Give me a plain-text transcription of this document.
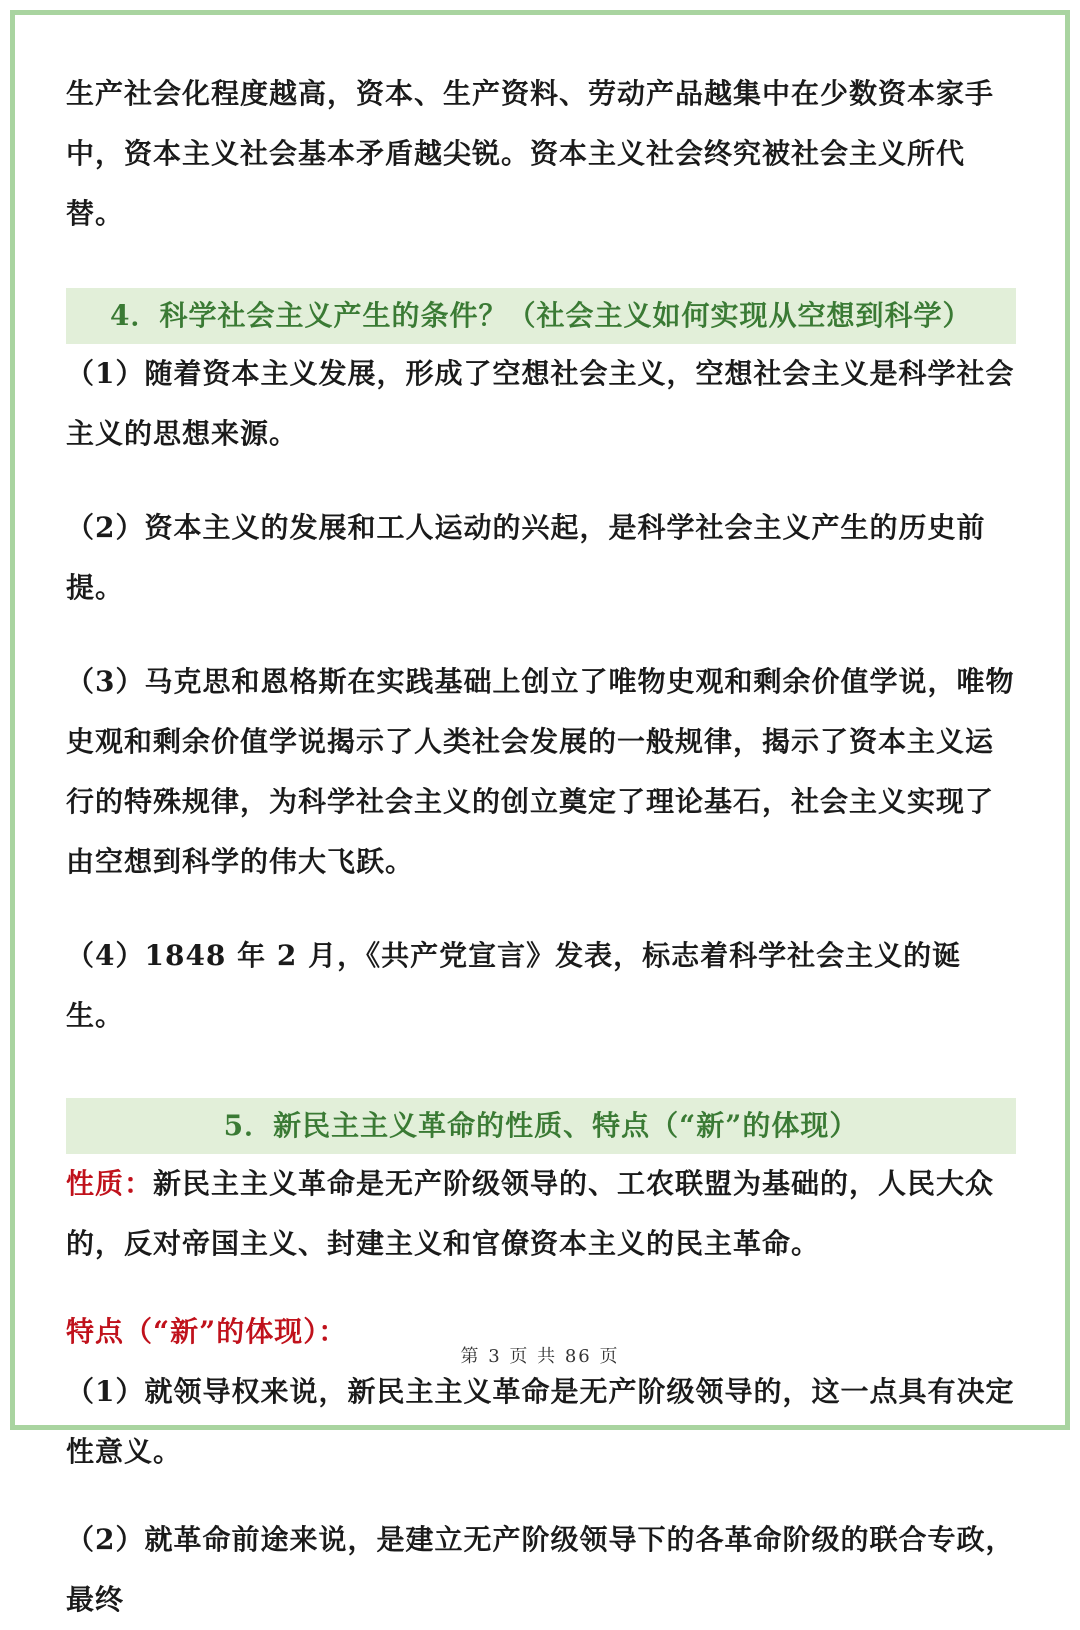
生产社会化程度越高，资本、生产资料、劳动产品越集中在少数资本家手中，资本主义社会基本矛盾越尖锐。资本主义社会终究被社会主义所代替。

4．科学社会主义产生的条件？（社会主义如何实现从空想到科学）

（1）随着资本主义发展，形成了空想社会主义，空想社会主义是科学社会主义的思想来源。

（2）资本主义的发展和工人运动的兴起，是科学社会主义产生的历史前提。

（3）马克思和恩格斯在实践基础上创立了唯物史观和剩余价值学说，唯物史观和剩余价值学说揭示了人类社会发展的一般规律，揭示了资本主义运行的特殊规律，为科学社会主义的创立奠定了理论基石，社会主义实现了由空想到科学的伟大飞跃。

（4）1848 年 2 月，《共产党宣言》发表，标志着科学社会主义的诞生。

5．新民主主义革命的性质、特点（“新”的体现）

性质：新民主主义革命是无产阶级领导的、工农联盟为基础的，人民大众的，反对帝国主义、封建主义和官僚资本主义的民主革命。

特点（“新”的体现）：

（1）就领导权来说，新民主主义革命是无产阶级领导的，这一点具有决定性意义。

（2）就革命前途来说，是建立无产阶级领导下的各革命阶级的联合专政，最终

第 3 页 共 86 页
